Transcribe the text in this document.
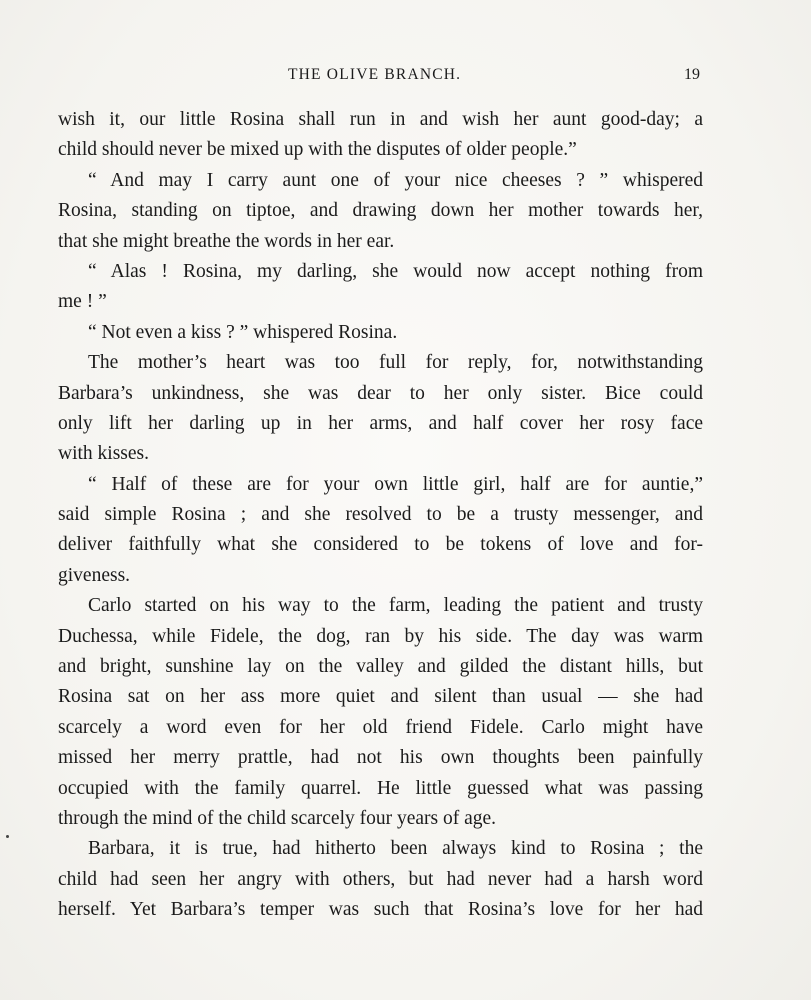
THE OLIVE BRANCH.	19
wish it, our little Rosina shall run in and wish her aunt good-day; a
child should never be mixed up with the disputes of older people.”
“ And may I carry aunt one of your nice cheeses ? ” whispered
Rosina, standing on tiptoe, and drawing down her mother towards her,
that she might breathe the words in her ear.
“ Alas ! Rosina, my darling, she would now accept nothing from
me ! ”
“ Not even a kiss ? ” whispered Rosina.
The mother’s heart was too full for reply, for, notwithstanding
Barbara’s unkindness, she was dear to her only sister. Bice could
only lift her darling up in her arms, and half cover her rosy face
with kisses.
“ Half of these are for your own little girl, half are for auntie,”
said simple Rosina ; and she resolved to be a trusty messenger, and
deliver faithfully what she considered to be tokens of love and for-
giveness.
Carlo started on his way to the farm, leading the patient and trusty
Duchessa, while Fidele, the dog, ran by his side. The day was warm
and bright, sunshine lay on the valley and gilded the distant hills, but
Rosina sat on her ass more quiet and silent than usual — she had
scarcely a word even for her old friend Fidele. Carlo might have
missed her merry prattle, had not his own thoughts been painfully
occupied with the family quarrel. He little guessed what was passing
through the mind of the child scarcely four years of age.
Barbara, it is true, had hitherto been always kind to Rosina ; the
child had seen her angry with others, but had never had a harsh word
herself. Yet Barbara’s temper was such that Rosina’s love for her had
